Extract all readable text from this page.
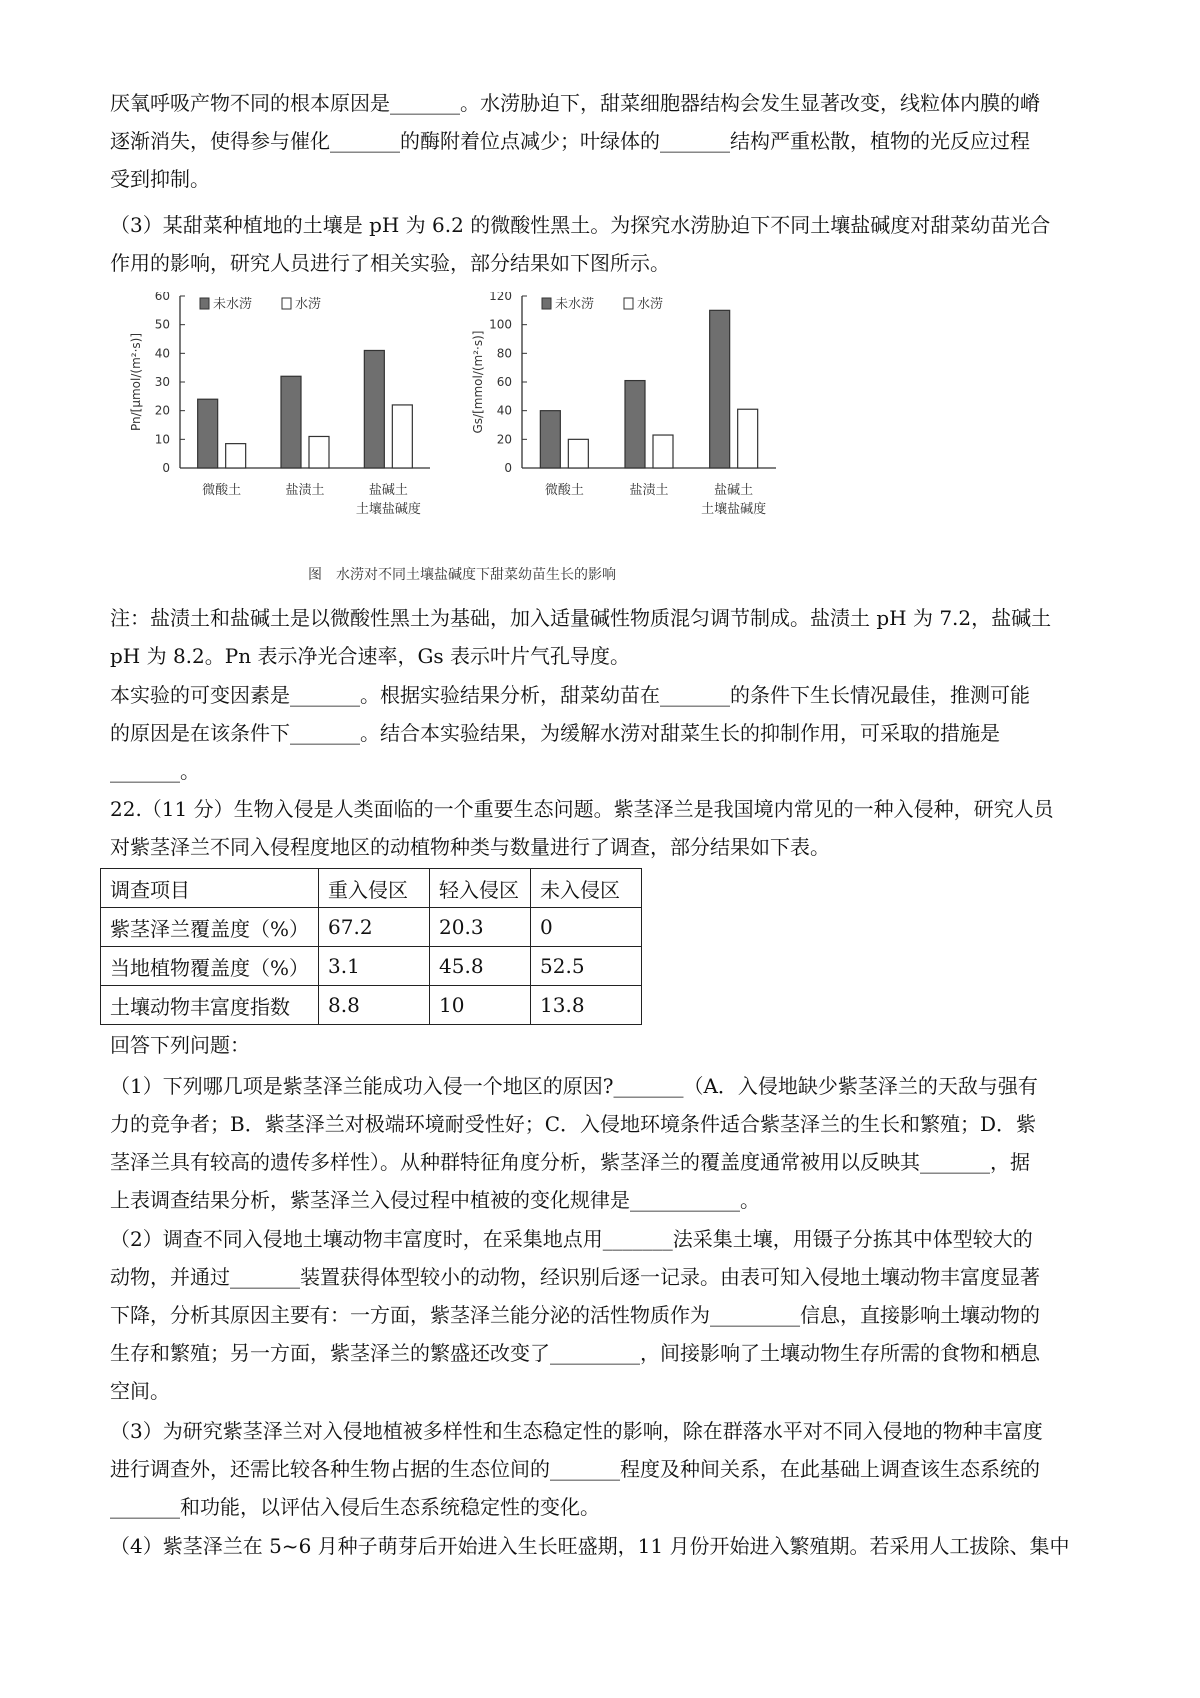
厌氧呼吸产物不同的根本原因是_______。水涝胁迫下，甜菜细胞器结构会发生显著改变，线粒体内膜的嵴
逐渐消失，使得参与催化_______的酶附着位点减少；叶绿体的_______结构严重松散，植物的光反应过程
受到抑制。
（3）某甜菜种植地的土壤是 pH 为 6.2 的微酸性黑土。为探究水涝胁迫下不同土壤盐碱度对甜菜幼苗光合
作用的影响，研究人员进行了相关实验，部分结果如下图所示。
0
10
20
30
40
50
60
Pn/[μmol/(m²·s)]
未水涝	水涝
微酸土	盐渍土	盐碱土
土壤盐碱度
0
20
40
60
80
100
120
Gs/[mmol/(m²·s)]
未水涝	水涝
微酸土	盐渍土	盐碱土
土壤盐碱度
图　水涝对不同土壤盐碱度下甜菜幼苗生长的影响
注：盐渍土和盐碱土是以微酸性黑土为基础，加入适量碱性物质混匀调节制成。盐渍土 pH 为 7.2，盐碱土
pH 为 8.2。Pn 表示净光合速率，Gs 表示叶片气孔导度。
本实验的可变因素是_______。根据实验结果分析，甜菜幼苗在_______的条件下生长情况最佳，推测可能
的原因是在该条件下_______。结合本实验结果，为缓解水涝对甜菜生长的抑制作用，可采取的措施是
_______。
22.（11 分）生物入侵是人类面临的一个重要生态问题。紫茎泽兰是我国境内常见的一种入侵种，研究人员
对紫茎泽兰不同入侵程度地区的动植物种类与数量进行了调查，部分结果如下表。
调查项目	重入侵区	轻入侵区	未入侵区
紫茎泽兰覆盖度（%）	67.2	20.3	0
当地植物覆盖度（%）	3.1	45.8	52.5
土壤动物丰富度指数	8.8	10	13.8
回答下列问题：
（1）下列哪几项是紫茎泽兰能成功入侵一个地区的原因?_______（A．入侵地缺少紫茎泽兰的天敌与强有
力的竞争者；B．紫茎泽兰对极端环境耐受性好；C．入侵地环境条件适合紫茎泽兰的生长和繁殖；D．紫
茎泽兰具有较高的遗传多样性）。从种群特征角度分析，紫茎泽兰的覆盖度通常被用以反映其_______，据
上表调查结果分析，紫茎泽兰入侵过程中植被的变化规律是___________。
（2）调查不同入侵地土壤动物丰富度时，在采集地点用_______法采集土壤，用镊子分拣其中体型较大的
动物，并通过_______装置获得体型较小的动物，经识别后逐一记录。由表可知入侵地土壤动物丰富度显著
下降，分析其原因主要有：一方面，紫茎泽兰能分泌的活性物质作为_________信息，直接影响土壤动物的
生存和繁殖；另一方面，紫茎泽兰的繁盛还改变了_________，间接影响了土壤动物生存所需的食物和栖息
空间。
（3）为研究紫茎泽兰对入侵地植被多样性和生态稳定性的影响，除在群落水平对不同入侵地的物种丰富度
进行调查外，还需比较各种生物占据的生态位间的_______程度及种间关系，在此基础上调查该生态系统的
_______和功能，以评估入侵后生态系统稳定性的变化。
（4）紫茎泽兰在 5~6 月种子萌芽后开始进入生长旺盛期，11 月份开始进入繁殖期。若采用人工拔除、集中
